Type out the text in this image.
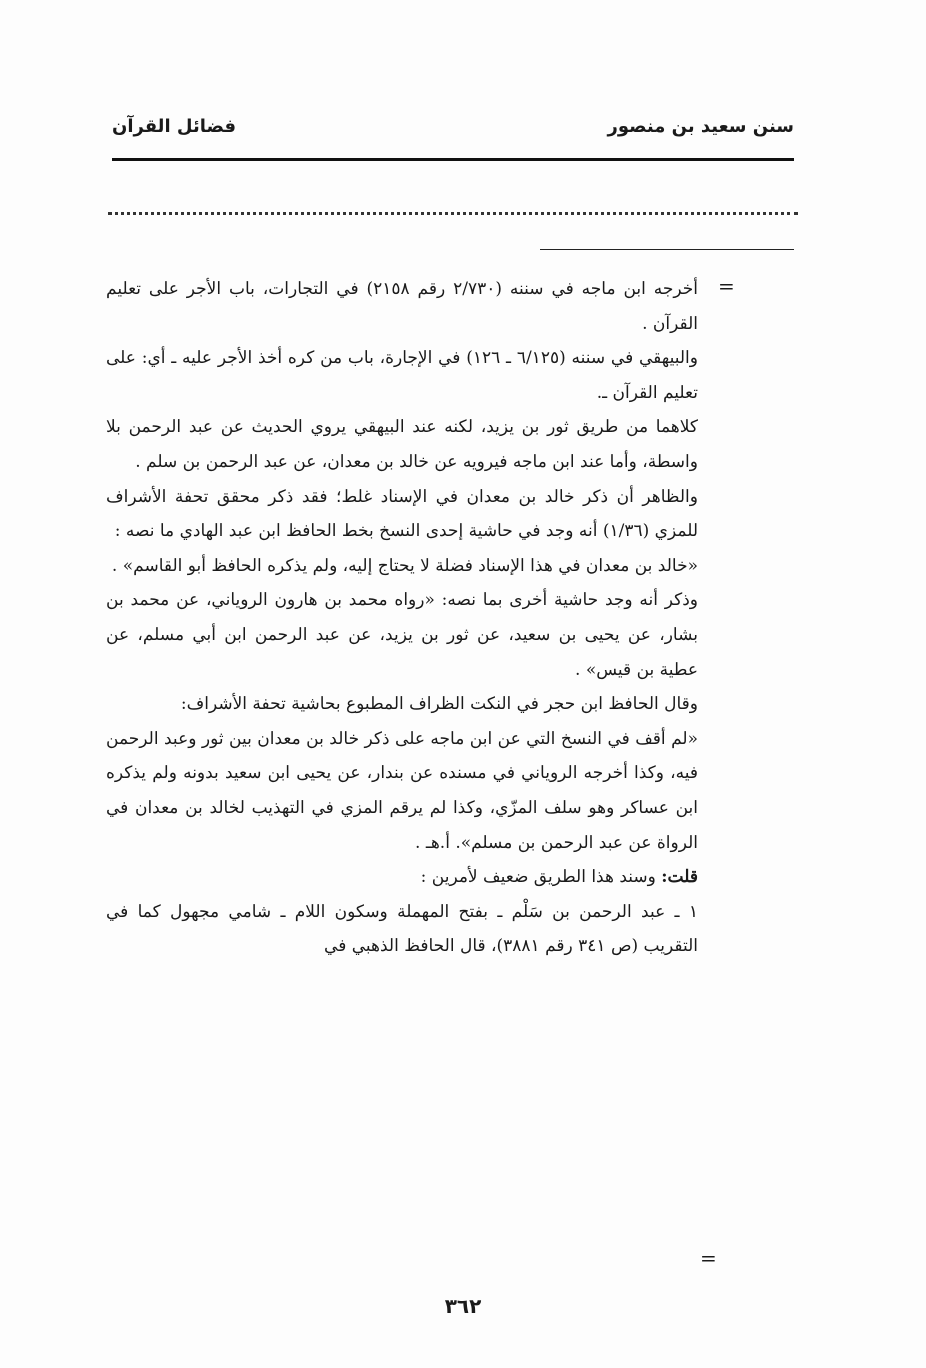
سنن سعيد بن منصور
فضائل القرآن
=

أخرجه ابن ماجه في سننه (٢/٧٣٠ رقم ٢١٥٨) في التجارات، باب الأجر على تعليم القرآن .

والبيهقي في سننه (٦/١٢٥ ـ ١٢٦) في الإجارة، باب من كره أخذ الأجر عليه ـ أي: على تعليم القرآن ـ.

كلاهما من طريق ثور بن يزيد، لكنه عند البيهقي يروي الحديث عن عبد الرحمن بلا واسطة، وأما عند ابن ماجه فيرويه عن خالد بن معدان، عن عبد الرحمن بن سلم .

والظاهر أن ذكر خالد بن معدان في الإسناد غلط؛ فقد ذكر محقق تحفة الأشراف للمزي (١/٣٦) أنه وجد في حاشية إحدى النسخ بخط الحافظ ابن عبد الهادي ما نصه :

«خالد بن معدان في هذا الإسناد فضلة لا يحتاج إليه، ولم يذكره الحافظ أبو القاسم» .

وذكر أنه وجد حاشية أخرى بما نصه: «رواه محمد بن هارون الروياني، عن محمد بن بشار، عن يحيى بن سعيد، عن ثور بن يزيد، عن عبد الرحمن ابن أبي مسلم، عن عطية بن قيس» .

وقال الحافظ ابن حجر في النكت الظراف المطبوع بحاشية تحفة الأشراف:

«لم أقف في النسخ التي عن ابن ماجه على ذكر خالد بن معدان بين ثور وعبد الرحمن فيه، وكذا أخرجه الروياني في مسنده عن بندار، عن يحيى ابن سعيد بدونه ولم يذكره ابن عساكر وهو سلف المزّي، وكذا لم يرقم المزي في التهذيب لخالد بن معدان في الرواة عن عبد الرحمن بن مسلم». أ.هـ .

قلت: وسند هذا الطريق ضعيف لأمرين :

١ ـ عبد الرحمن بن سَلْم ـ بفتح المهملة وسكون اللام ـ شامي مجهول كما في التقريب (ص ٣٤١ رقم ٣٨٨١)، قال الحافظ الذهبي في

=
٣٦٢
